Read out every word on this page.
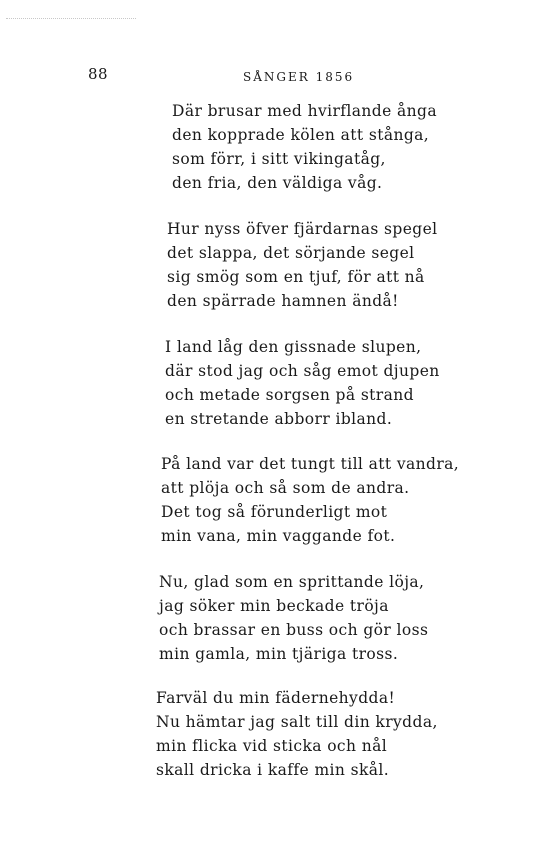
88	SÅNGER 1856
Där brusar med hvirflande ånga
den kopprade kölen att stånga,
som förr, i sitt vikingatåg,
den fria, den väldiga våg.
Hur nyss öfver fjärdarnas spegel
det slappa, det sörjande segel
sig smög som en tjuf, för att nå
den spärrade hamnen ändå!
I land låg den gissnade slupen,
där stod jag och såg emot djupen
och metade sorgsen på strand
en stretande abborr ibland.
På land var det tungt till att vandra,
att plöja och så som de andra.
Det tog så förunderligt mot
min vana, min vaggande fot.
Nu, glad som en sprittande löja,
jag söker min beckade tröja
och brassar en buss och gör loss
min gamla, min tjäriga tross.
Farväl du min fädernehydda!
Nu hämtar jag salt till din krydda,
min flicka vid sticka och nål
skall dricka i kaffe min skål.
